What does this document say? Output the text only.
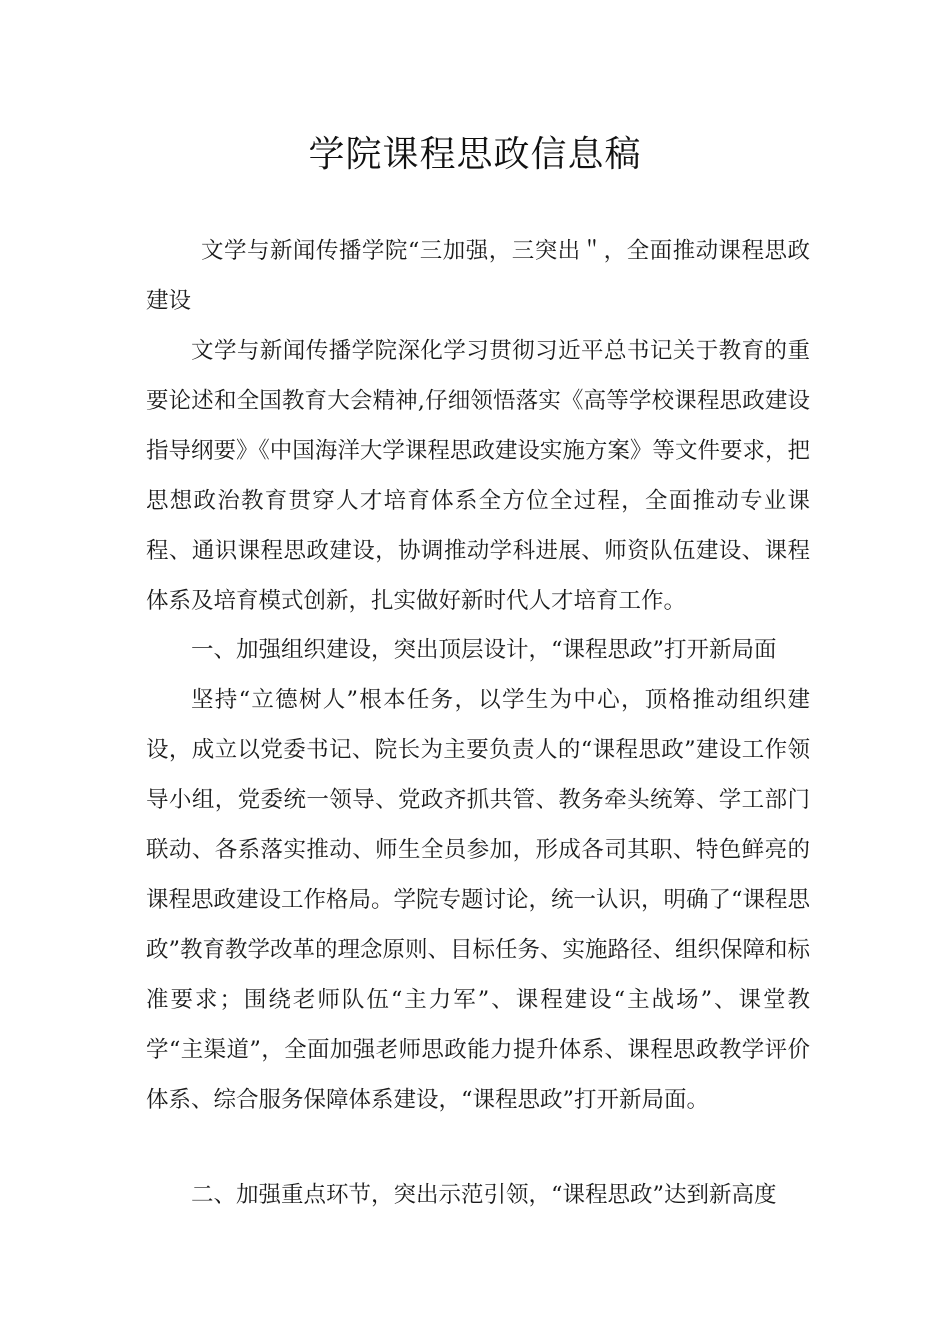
学院课程思政信息稿

文学与新闻传播学院“三加强，三突出＂，全面推动课程思政建设

文学与新闻传播学院深化学习贯彻习近平总书记关于教育的重要论述和全国教育大会精神,仔细领悟落实《高等学校课程思政建设指导纲要》《中国海洋大学课程思政建设实施方案》等文件要求，把思想政治教育贯穿人才培育体系全方位全过程，全面推动专业课程、通识课程思政建设，协调推动学科进展、师资队伍建设、课程体系及培育模式创新，扎实做好新时代人才培育工作。

一、加强组织建设，突出顶层设计，“课程思政”打开新局面

坚持“立德树人”根本任务，以学生为中心，顶格推动组织建设，成立以党委书记、院长为主要负责人的“课程思政”建设工作领导小组，党委统一领导、党政齐抓共管、教务牵头统筹、学工部门联动、各系落实推动、师生全员参加，形成各司其职、特色鲜亮的课程思政建设工作格局。学院专题讨论，统一认识，明确了“课程思政”教育教学改革的理念原则、目标任务、实施路径、组织保障和标准要求；围绕老师队伍“主力军”、课程建设“主战场”、课堂教学“主渠道”，全面加强老师思政能力提升体系、课程思政教学评价体系、综合服务保障体系建设，“课程思政”打开新局面。

二、加强重点环节，突出示范引领，“课程思政”达到新高度
